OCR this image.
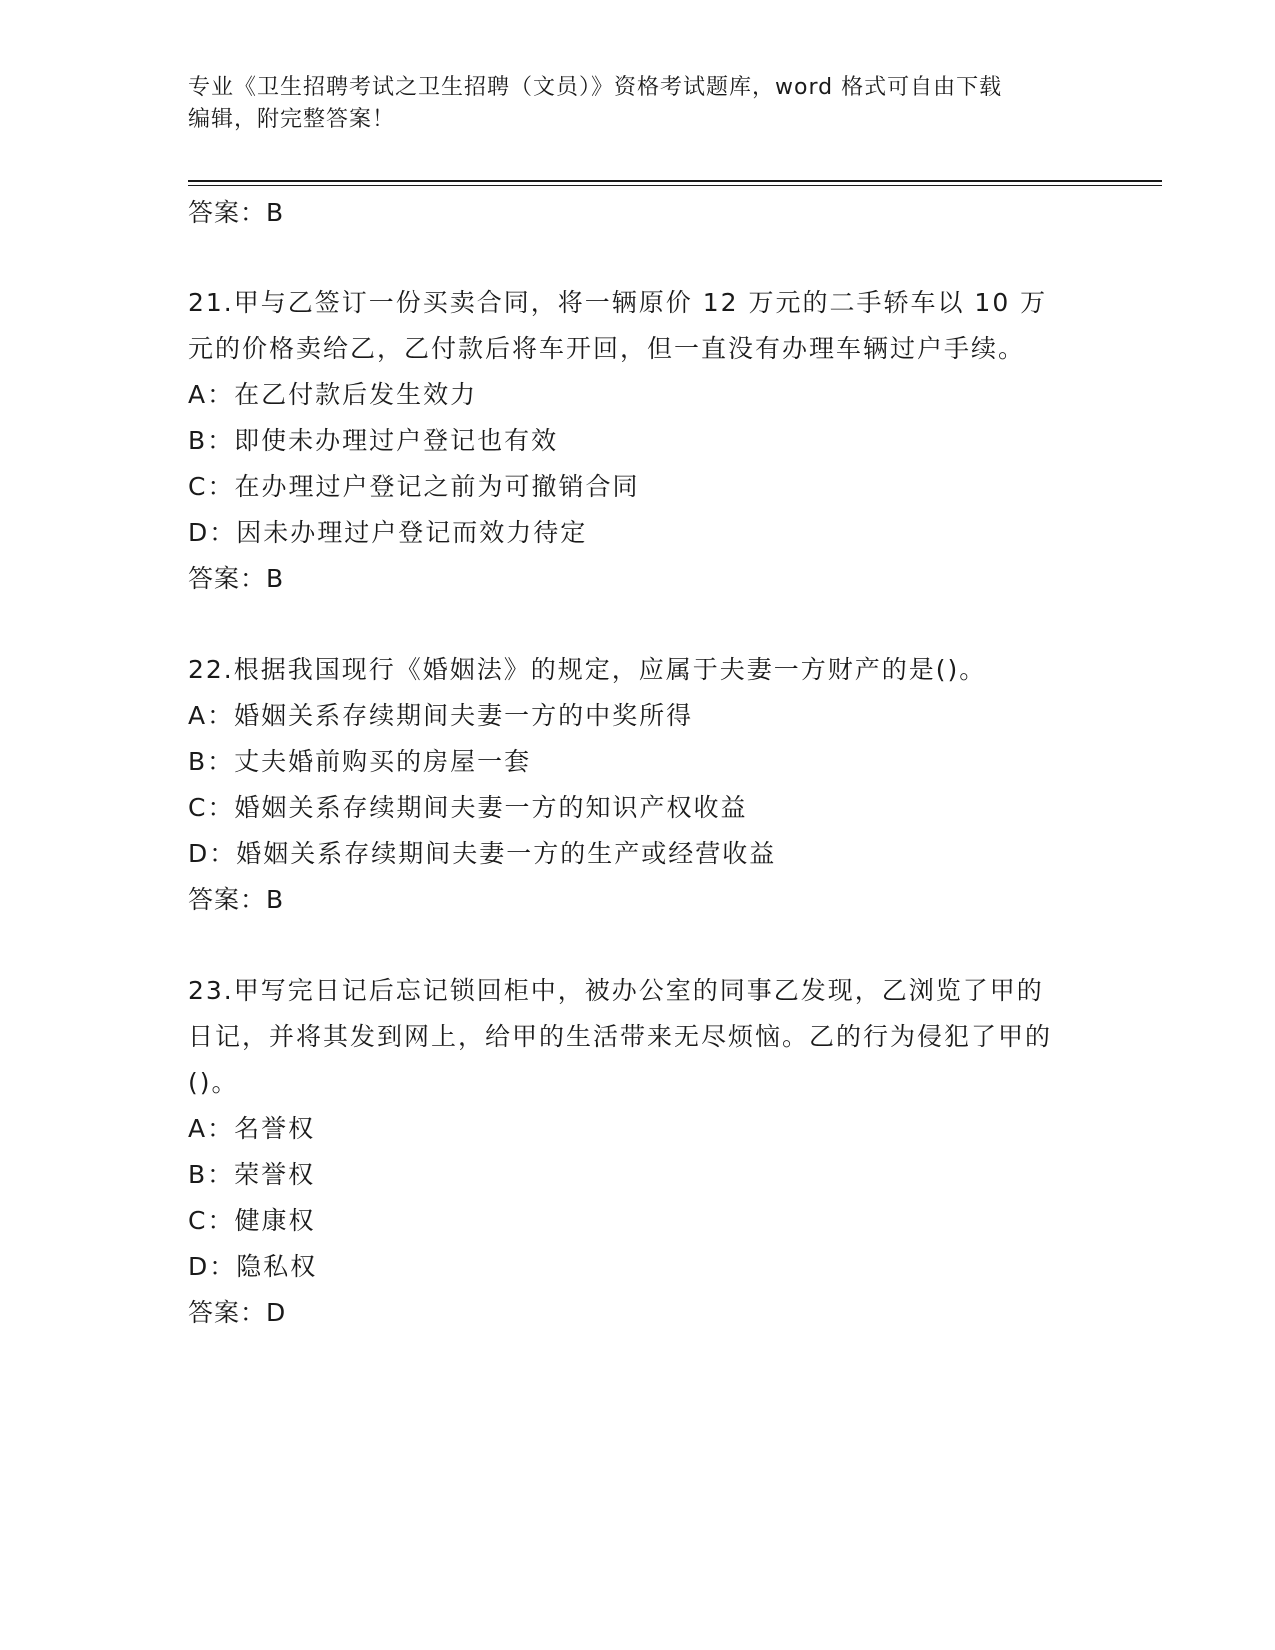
专业《卫生招聘考试之卫生招聘（文员）》资格考试题库，word 格式可自由下载
编辑，附完整答案！
答案：B
21.甲与乙签订一份买卖合同，将一辆原价 12 万元的二手轿车以 10 万元的价格卖给乙，乙付款后将车开回，但一直没有办理车辆过户手续。
A：在乙付款后发生效力
B：即使未办理过户登记也有效
C：在办理过户登记之前为可撤销合同
D：因未办理过户登记而效力待定
答案：B
22.根据我国现行《婚姻法》的规定，应属于夫妻一方财产的是()。
A：婚姻关系存续期间夫妻一方的中奖所得
B：丈夫婚前购买的房屋一套
C：婚姻关系存续期间夫妻一方的知识产权收益
D：婚姻关系存续期间夫妻一方的生产或经营收益
答案：B
23.甲写完日记后忘记锁回柜中，被办公室的同事乙发现，乙浏览了甲的日记，并将其发到网上，给甲的生活带来无尽烦恼。乙的行为侵犯了甲的()。
A：名誉权
B：荣誉权
C：健康权
D：隐私权
答案：D
